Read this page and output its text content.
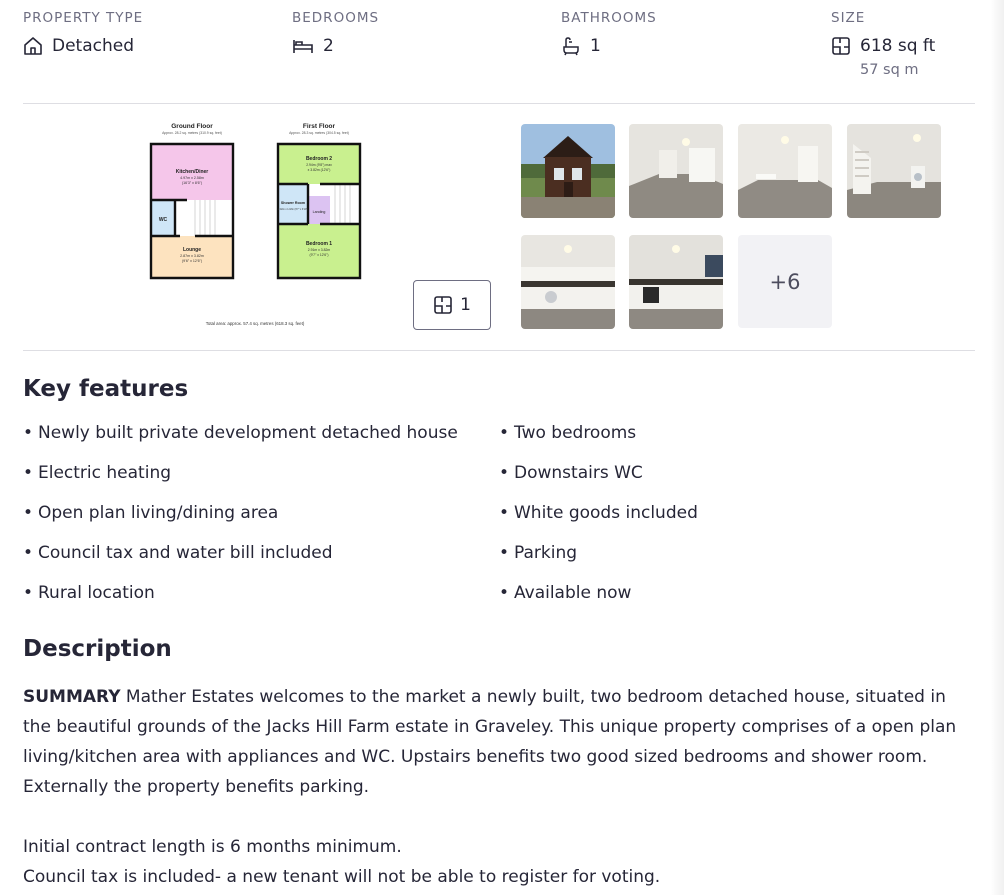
PROPERTY TYPE
Detached
BEDROOMS
2
BATHROOMS
1
SIZE
618 sq ft
57 sq m
Ground Floor
Approx. 28.2 sq. metres (310.9 sq. feet)
Kitchen/Diner
4.97m x 2.58m
(16'3" x 8'6")
WC
Lounge
2.87m x 3.82m
(9'6" x 12'6")
First Floor
Approx. 28.3 sq. metres (304.5 sq. feet)
Bedroom 2
2.94m (9'8") max
x 3.82m (12'6")
Shower Room
2.02m x 1.18m (6'7" x 3'10")
Landing
Bedroom 1
2.91m x 3.82m
(9'7" x 12'6")
Total area: approx. 57.4 sq. metres (618.3 sq. feet)
1
+6
Key features
• Newly built private development detached house
• Electric heating
• Open plan living/dining area
• Council tax and water bill included
• Rural location
• Two bedrooms
• Downstairs WC
• White goods included
• Parking
• Available now
Description

SUMMARY Mather Estates welcomes to the market a newly built, two bedroom detached house, situated in the beautiful grounds of the Jacks Hill Farm estate in Graveley. This unique property comprises of a open plan living/kitchen area with appliances and WC. Upstairs benefits two good sized bedrooms and shower room. Externally the property benefits parking.

Initial contract length is 6 months minimum.

Council tax is included- a new tenant will not be able to register for voting.
